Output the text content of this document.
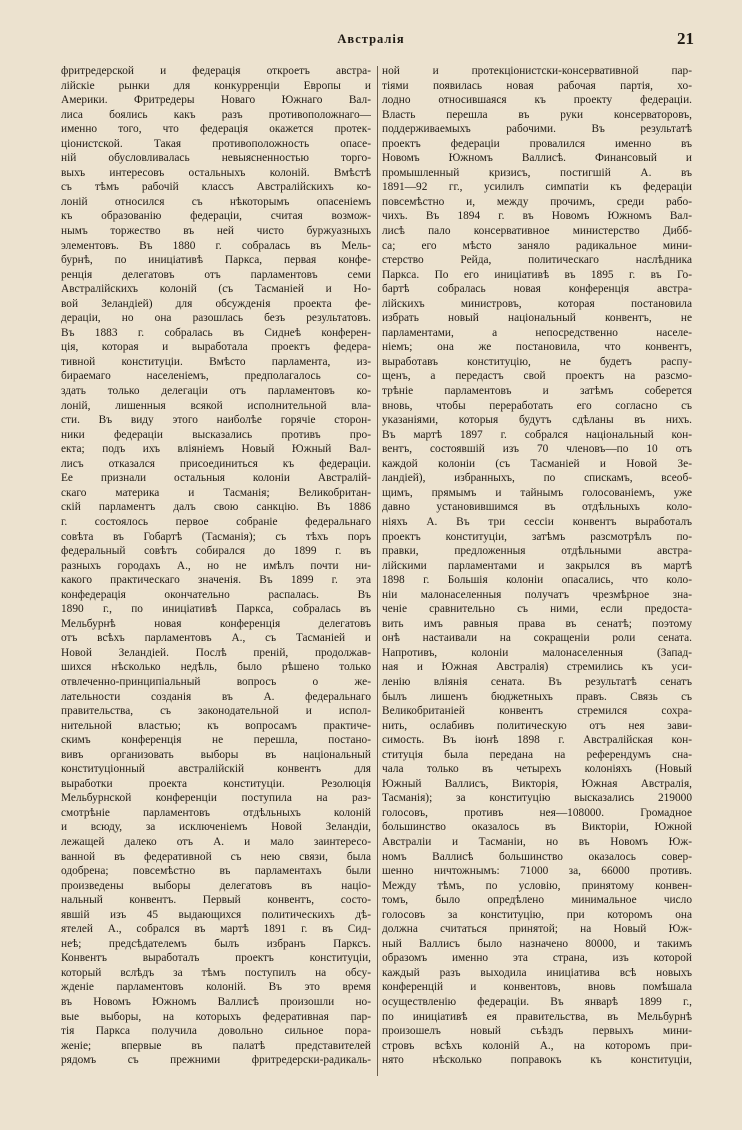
Австралія	21
фритредерской и федерація откроетъ австра-
лійскіе рынки для конкурренціи Европы и
Америки. Фритредеры Новаго Южнаго Вал-
лиса боялись какъ разъ противоположнаго—
именно того, что федерація окажется протек-
ціонистской. Такая противоположность опасе-
ній обусловливалась невыясненностью торго-
выхъ интересовъ остальныхъ колоній. Вмѣстѣ
съ тѣмъ рабочій классъ Австралійскихъ ко-
лоній относился съ нѣкоторымъ опасеніемъ
къ образованію федераціи, считая возмож-
нымъ торжество въ ней чисто буржуазныхъ
элементовъ. Въ 1880 г. собралась въ Мель-
бурнѣ, по иниціативѣ Паркса, первая конфе-
ренція делегатовъ отъ парламентовъ семи
Австралійскихъ колоній (съ Тасманіей и Но-
вой Зеландіей) для обсужденія проекта фе-
дераціи, но она разошлась безъ результатовъ.
Въ 1883 г. собралась въ Сиднеѣ конферен-
ція, которая и выработала проектъ федера-
тивной конституціи. Вмѣсто парламента, из-
бираемаго населеніемъ, предполагалось со-
здать только делегаціи отъ парламентовъ ко-
лоній, лишенныя всякой исполнительной вла-
сти. Въ виду этого наиболѣе горячіе сторон-
ники федераціи высказались противъ про-
екта; подъ ихъ вліяніемъ Новый Южный Вал-
лисъ отказался присоединиться къ федераціи.
Ее признали остальныя колоніи Австралій-
скаго материка и Тасманія; Великобритан-
скій парламентъ далъ свою санкцію. Въ 1886
г. состоялось первое собраніе федеральнаго
совѣта въ Гобартѣ (Тасманія); съ тѣхъ поръ
федеральный совѣтъ собирался до 1899 г. въ
разныхъ городахъ А., но не имѣлъ почти ни-
какого практическаго значенія. Въ 1899 г. эта
конфедерація окончательно распалась. Въ
1890 г., по иниціативѣ Паркса, собралась въ
Мельбурнѣ новая конференція делегатовъ
отъ всѣхъ парламентовъ А., съ Тасманіей и
Новой Зеландіей. Послѣ преній, продолжав-
шихся нѣсколько недѣль, было рѣшено только
отвлеченно-принципіальный вопросъ о же-
лательности созданія въ А. федеральнаго
правительства, съ законодательной и испол-
нительной властью; къ вопросамъ практиче-
скимъ конференція не перешла, постано-
вивъ организовать выборы въ національный
конституціонный австралійскій конвентъ для
выработки проекта конституціи. Резолюція
Мельбурнской конференціи поступила на раз-
смотрѣніе парламентовъ отдѣльныхъ колоній
и всюду, за исключеніемъ Новой Зеландіи,
лежащей далеко отъ А. и мало заинтересо-
ванной въ федеративной съ нею связи, была
одобрена; повсемѣстно въ парламентахъ были
произведены выборы делегатовъ въ націо-
нальный конвентъ. Первый конвентъ, состо-
явшій изъ 45 выдающихся политическихъ дѣ-
ятелей А., собрался въ мартѣ 1891 г. въ Сид-
неѣ; предсѣдателемъ былъ избранъ Парксъ.
Конвентъ выработалъ проектъ конституціи,
который вслѣдъ за тѣмъ поступилъ на обсу-
жденіе парламентовъ колоній. Въ это время
въ Новомъ Южномъ Валлисѣ произошли но-
вые выборы, на которыхъ федеративная пар-
тія Паркса получила довольно сильное пора-
женіе; впервые въ палатѣ представителей
рядомъ съ прежними фритредерски-радикаль-
ной и протекціонистски-консервативной пар-
тіями появилась новая рабочая партія, хо-
лодно относившаяся къ проекту федераціи.
Власть перешла въ руки консерваторовъ,
поддерживаемыхъ рабочими. Въ результатѣ
проектъ федераціи провалился именно въ
Новомъ Южномъ Валлисѣ. Финансовый и
промышленный кризисъ, постигшій А. въ
1891—92 гг., усилилъ симпатіи къ федераціи
повсемѣстно и, между прочимъ, среди рабо-
чихъ. Въ 1894 г. въ Новомъ Южномъ Вал-
лисѣ пало консервативное министерство Дибб-
са; его мѣсто заняло радикальное мини-
стерство Рейда, политическаго наслѣдника
Паркса. По его иниціативѣ въ 1895 г. въ Го-
бартѣ собралась новая конференція австра-
лійскихъ министровъ, которая постановила
избрать новый національный конвентъ, не
парламентами, а непосредственно населе-
ніемъ; она же постановила, что конвентъ,
выработавъ конституцію, не будетъ распу-
щенъ, а передастъ свой проектъ на разсмо-
трѣніе парламентовъ и затѣмъ соберется
вновь, чтобы переработать его согласно съ
указаніями, которыя будутъ сдѣланы въ нихъ.
Въ мартѣ 1897 г. собрался національный кон-
вентъ, состоявшій изъ 70 членовъ—по 10 отъ
каждой колоніи (съ Тасманіей и Новой Зе-
ландіей), избранныхъ, по спискамъ, всеоб-
щимъ, прямымъ и тайнымъ голосованіемъ, уже
давно установившимся въ отдѣльныхъ коло-
ніяхъ А. Въ три сессіи конвентъ выработалъ
проектъ конституціи, затѣмъ разсмотрѣлъ по-
правки, предложенныя отдѣльными австра-
лійскими парламентами и закрылся въ мартѣ
1898 г. Большія колоніи опасались, что коло-
ніи малонаселенныя получатъ чрезмѣрное зна-
ченіе сравнительно съ ними, если предоста-
вить имъ равныя права въ сенатѣ; поэтому
онѣ настаивали на сокращеніи роли сената.
Напротивъ, колоніи малонаселенныя (Запад-
ная и Южная Австралія) стремились къ уси-
ленію вліянія сената. Въ результатѣ сенатъ
былъ лишенъ бюджетныхъ правъ. Связь съ
Великобританіей конвентъ стремился сохра-
нить, ослабивъ политическую отъ нея зави-
симость. Въ іюнѣ 1898 г. Австралійская кон-
ституція была передана на референдумъ сна-
чала только въ четырехъ колоніяхъ (Новый
Южный Валлисъ, Викторія, Южная Австралія,
Тасманія); за конституцію высказались 219000
голосовъ, противъ нея—108000. Громадное
большинство оказалось въ Викторіи, Южной
Австраліи и Тасманіи, но въ Новомъ Юж-
номъ Валлисѣ большинство оказалось совер-
шенно ничтожнымъ: 71000 за, 66000 противъ.
Между тѣмъ, по условію, принятому конвен-
томъ, было опредѣлено минимальное число
голосовъ за конституцію, при которомъ она
должна считаться принятой; на Новый Юж-
ный Валлисъ было назначено 80000, и такимъ
образомъ именно эта страна, изъ которой
каждый разъ выходила иниціатива всѣ новыхъ
конференцій и конвентовъ, вновь помѣшала
осуществленію федераціи. Въ январѣ 1899 г.,
по иниціативѣ ея правительства, въ Мельбурнѣ
произошелъ новый съѣздъ первыхъ мини-
стровъ всѣхъ колоній А., на которомъ при-
нято нѣсколько поправокъ къ конституціи,
